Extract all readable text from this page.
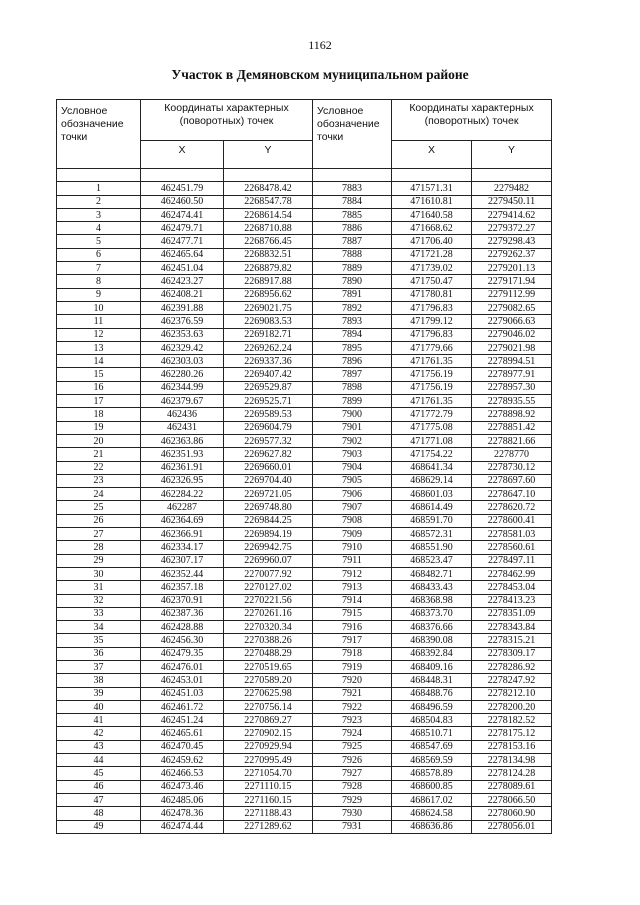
1162
Участок в Демяновском муниципальном районе
Условное обозначение точки	Координаты характерных (поворотных) точек		Условное обозначение точки	Координаты характерных (поворотных) точек	
	Х	Y		Х	Y

1	462451.79	2268478.42	7883	471571.31	2279482
2	462460.50	2268547.78	7884	471610.81	2279450.11
3	462474.41	2268614.54	7885	471640.58	2279414.62
4	462479.71	2268710.88	7886	471668.62	2279372.27
5	462477.71	2268766.45	7887	471706.40	2279298.43
6	462465.64	2268832.51	7888	471721.28	2279262.37
7	462451.04	2268879.82	7889	471739.02	2279201.13
8	462423.27	2268917.88	7890	471750.47	2279171.94
9	462408.21	2268956.62	7891	471780.81	2279112.99
10	462391.88	2269021.75	7892	471796.83	2279082.65
11	462376.59	2269083.53	7893	471799.12	2279066.63
12	462353.63	2269182.71	7894	471796.83	2279046.02
13	462329.42	2269262.24	7895	471779.66	2279021.98
14	462303.03	2269337.36	7896	471761.35	2278994.51
15	462280.26	2269407.42	7897	471756.19	2278977.91
16	462344.99	2269529.87	7898	471756.19	2278957.30
17	462379.67	2269525.71	7899	471761.35	2278935.55
18	462436	2269589.53	7900	471772.79	2278898.92
19	462431	2269604.79	7901	471775.08	2278851.42
20	462363.86	2269577.32	7902	471771.08	2278821.66
21	462351.93	2269627.82	7903	471754.22	2278770
22	462361.91	2269660.01	7904	468641.34	2278730.12
23	462326.95	2269704.40	7905	468629.14	2278697.60
24	462284.22	2269721.05	7906	468601.03	2278647.10
25	462287	2269748.80	7907	468614.49	2278620.72
26	462364.69	2269844.25	7908	468591.70	2278600.41
27	462366.91	2269894.19	7909	468572.31	2278581.03
28	462334.17	2269942.75	7910	468551.90	2278560.61
29	462307.17	2269960.07	7911	468523.47	2278497.11
30	462352.44	2270077.92	7912	468482.71	2278462.99
31	462357.18	2270127.02	7913	468433.43	2278453.04
32	462370.91	2270221.56	7914	468368.98	2278413.23
33	462387.36	2270261.16	7915	468373.70	2278351.09
34	462428.88	2270320.34	7916	468376.66	2278343.84
35	462456.30	2270388.26	7917	468390.08	2278315.21
36	462479.35	2270488.29	7918	468392.84	2278309.17
37	462476.01	2270519.65	7919	468409.16	2278286.92
38	462453.01	2270589.20	7920	468448.31	2278247.92
39	462451.03	2270625.98	7921	468488.76	2278212.10
40	462461.72	2270756.14	7922	468496.59	2278200.20
41	462451.24	2270869.27	7923	468504.83	2278182.52
42	462465.61	2270902.15	7924	468510.71	2278175.12
43	462470.45	2270929.94	7925	468547.69	2278153.16
44	462459.62	2270995.49	7926	468569.59	2278134.98
45	462466.53	2271054.70	7927	468578.89	2278124.28
46	462473.46	2271110.15	7928	468600.85	2278089.61
47	462485.06	2271160.15	7929	468617.02	2278066.50
48	462478.36	2271188.43	7930	468624.58	2278060.90
49	462474.44	2271289.62	7931	468636.86	2278056.01
